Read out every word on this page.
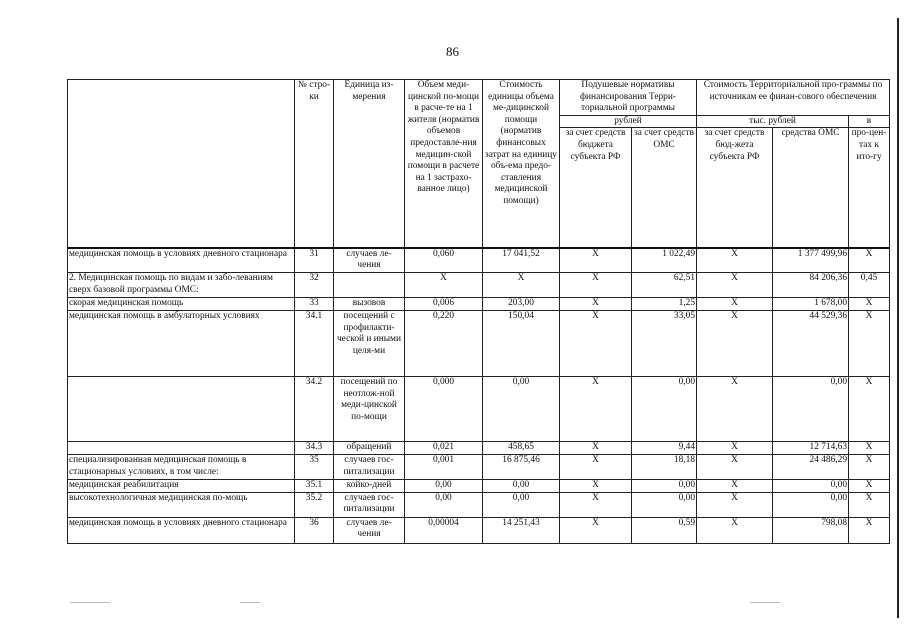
86
	№ стро-ки	Единица из-мерения	Объем меди-цинской по-мощи в расче-те на 1 жителя (норматив объемов предоставле-ния медицин-ской помощи в расчете на 1 застрахо-ванное лицо)	Стоимость единицы объема ме-дицинской помощи (норматив финансовых затрат на единицу объ-ема предо-ставления медицинской помощи)	Подушевые нормативы финансирования Терри-ториальной программы		Стоимость Территориальной про-граммы по источникам ее финан-сового обеспечения		
					рублей		тыс. рублей		в
					за счет средств бюджета субъекта РФ	за счет средств ОМС	за счет средств бюд-жета субъекта РФ	средства ОМС	про-цен-тах к ито-гу
медицинская помощь в условиях дневного стационара	31	случаев ле-чения	0,060	17 041,52	X	1 022,49	X	1 377 499,96	X
2. Медицинская помощь по видам и забо-леваниям сверх базовой программы ОМС:	32		X	X	X	62,51	X	84 206,36	0,45
скорая медицинская помощь	33	вызовов	0,006	203,00	X	1,25	X	1 678,00	X
медицинская помощь в амбулаторных условиях	34.1	посещений с профилакти-ческой и иными целя-ми	0,220	150,04	X	33,05	X	44 529,36	X
	34.2	посещений по неотлож-ной меди-цинской по-мощи	0,000	0,00	X	0,00	X	0,00	X
	34.3	обращений	0,021	458,65	X	9,44	X	12 714,63	X
специализированная медицинская помощь в стационарных условиях, в том числе:	35	случаев гос-питализации	0,001	16 875,46	X	18,18	X	24 486,29	X
медицинская реабилитация	35.1	койко-дней	0,00	0,00	X	0,00	X	0,00	X
высокотехнологичная медицинская по-мощь	35.2	случаев гос-питализации	0,00	0,00	X	0,00	X	0,00	X
медицинская помощь в условиях дневного стационара	36	случаев ле-чения	0,00004	14 251,43	X	0,59	X	798,08	X
